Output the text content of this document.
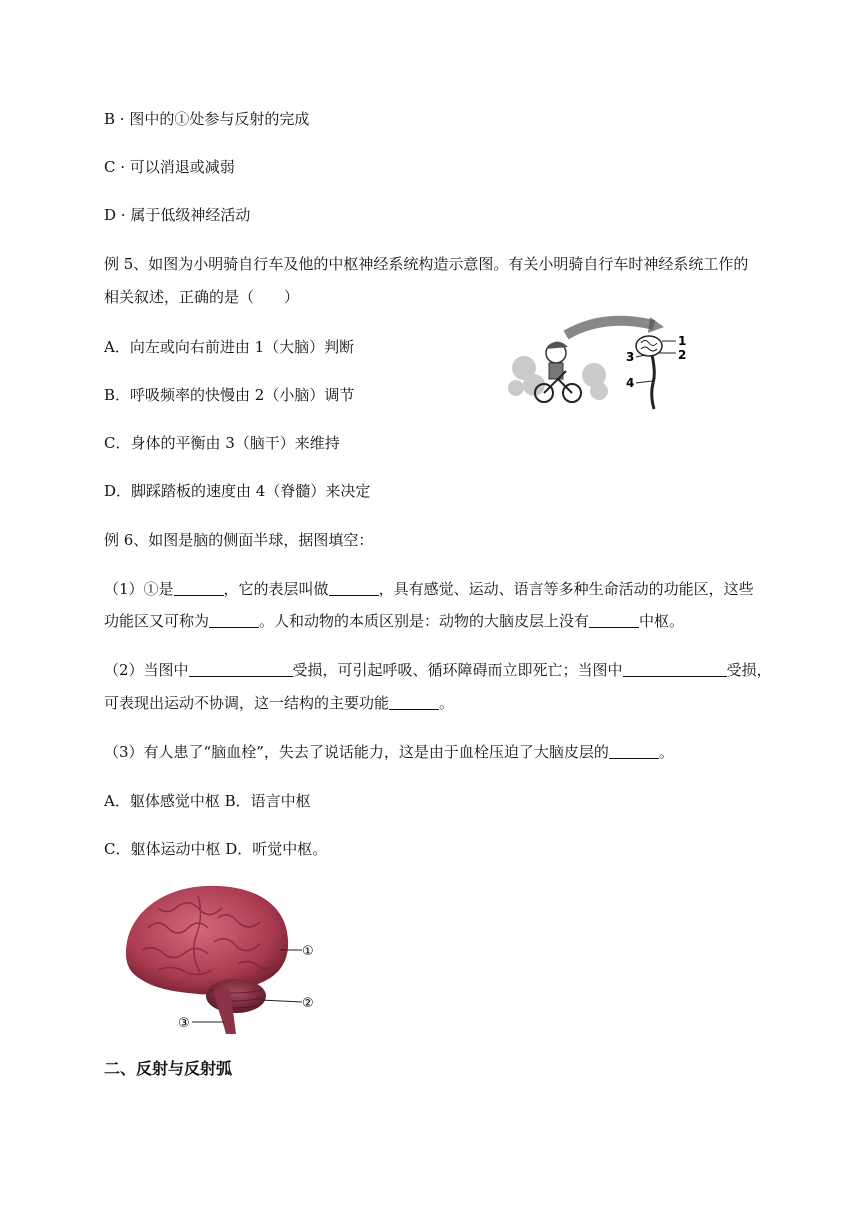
B · 图中的①处参与反射的完成
C · 可以消退或减弱
D · 属于低级神经活动
例 5、如图为小明骑自行车及他的中枢神经系统构造示意图。有关小明骑自行车时神经系统工作的
相关叙述，正确的是（　　）
A．向左或向右前进由 1（大脑）判断
B．呼吸频率的快慢由 2（小脑）调节
C．身体的平衡由 3（脑干）来维持
D．脚踩踏板的速度由 4（脊髓）来决定
1
2
3
4
例 6、如图是脑的侧面半球，据图填空：
（1）①是	，它的表层叫做	，具有感觉、运动、语言等多种生命活动的功能区，这些
功能区又可称为	。人和动物的本质区别是：动物的大脑皮层上没有	中枢。
（2）当图中	受损，可引起呼吸、循环障碍而立即死亡；当图中	受损，
可表现出运动不协调，这一结构的主要功能	。
（3）有人患了“脑血栓”，失去了说话能力，这是由于血栓压迫了大脑皮层的	。
A．躯体感觉中枢 B．语言中枢
C．躯体运动中枢 D．听觉中枢。
①
②
③
二、反射与反射弧
